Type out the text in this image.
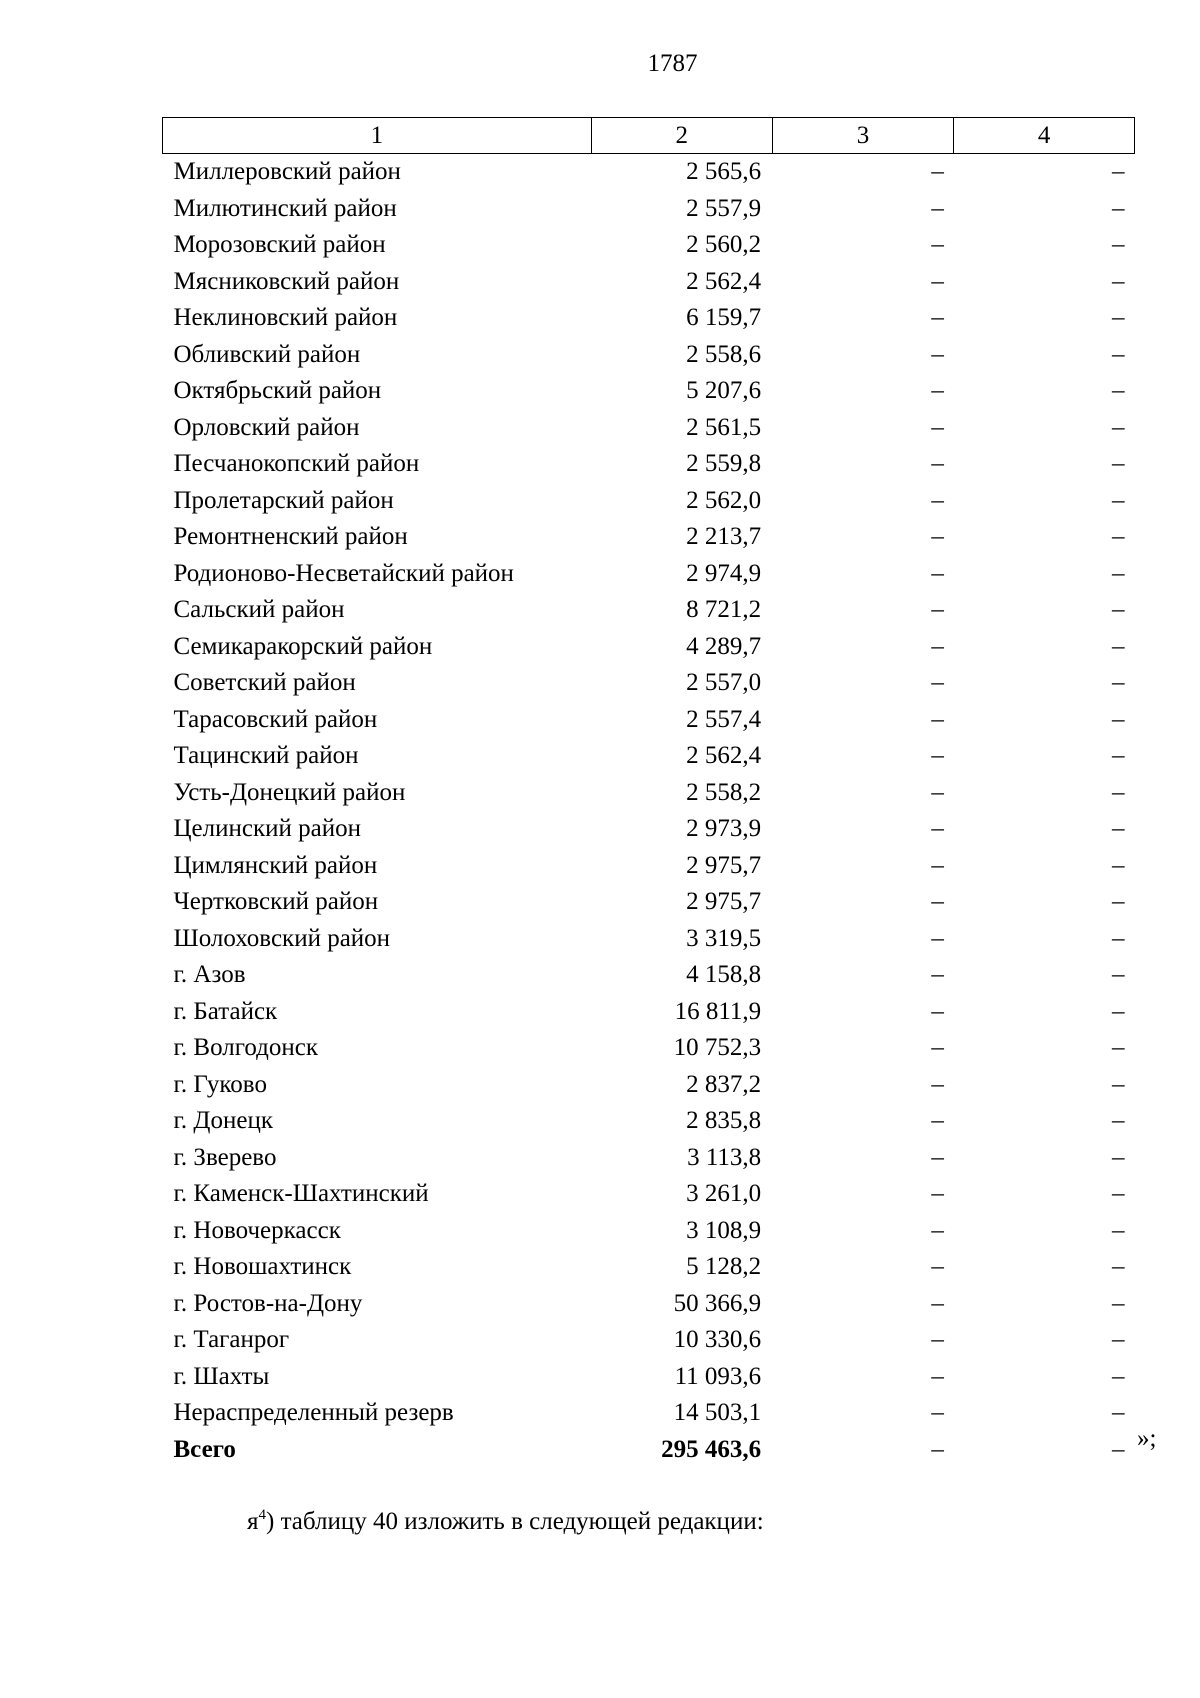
1787
1	2	3	4
Миллеровский район	2 565,6	–	–
Милютинский район	2 557,9	–	–
Морозовский район	2 560,2	–	–
Мясниковский район	2 562,4	–	–
Неклиновский район	6 159,7	–	–
Обливский район	2 558,6	–	–
Октябрьский район	5 207,6	–	–
Орловский район	2 561,5	–	–
Песчанокопский район	2 559,8	–	–
Пролетарский район	2 562,0	–	–
Ремонтненский район	2 213,7	–	–
Родионово-Несветайский район	2 974,9	–	–
Сальский район	8 721,2	–	–
Семикаракорский район	4 289,7	–	–
Советский район	2 557,0	–	–
Тарасовский район	2 557,4	–	–
Тацинский район	2 562,4	–	–
Усть-Донецкий район	2 558,2	–	–
Целинский район	2 973,9	–	–
Цимлянский район	2 975,7	–	–
Чертковский район	2 975,7	–	–
Шолоховский район	3 319,5	–	–
г. Азов	4 158,8	–	–
г. Батайск	16 811,9	–	–
г. Волгодонск	10 752,3	–	–
г. Гуково	2 837,2	–	–
г. Донецк	2 835,8	–	–
г. Зверево	3 113,8	–	–
г. Каменск-Шахтинский	3 261,0	–	–
г. Новочеркасск	3 108,9	–	–
г. Новошахтинск	5 128,2	–	–
г. Ростов-на-Дону	50 366,9	–	–
г. Таганрог	10 330,6	–	–
г. Шахты	11 093,6	–	–
Нераспределенный резерв	14 503,1	–	–
Всего	295 463,6	–	– »;
$я^4$) таблицу 40 изложить в следующей редакции:
